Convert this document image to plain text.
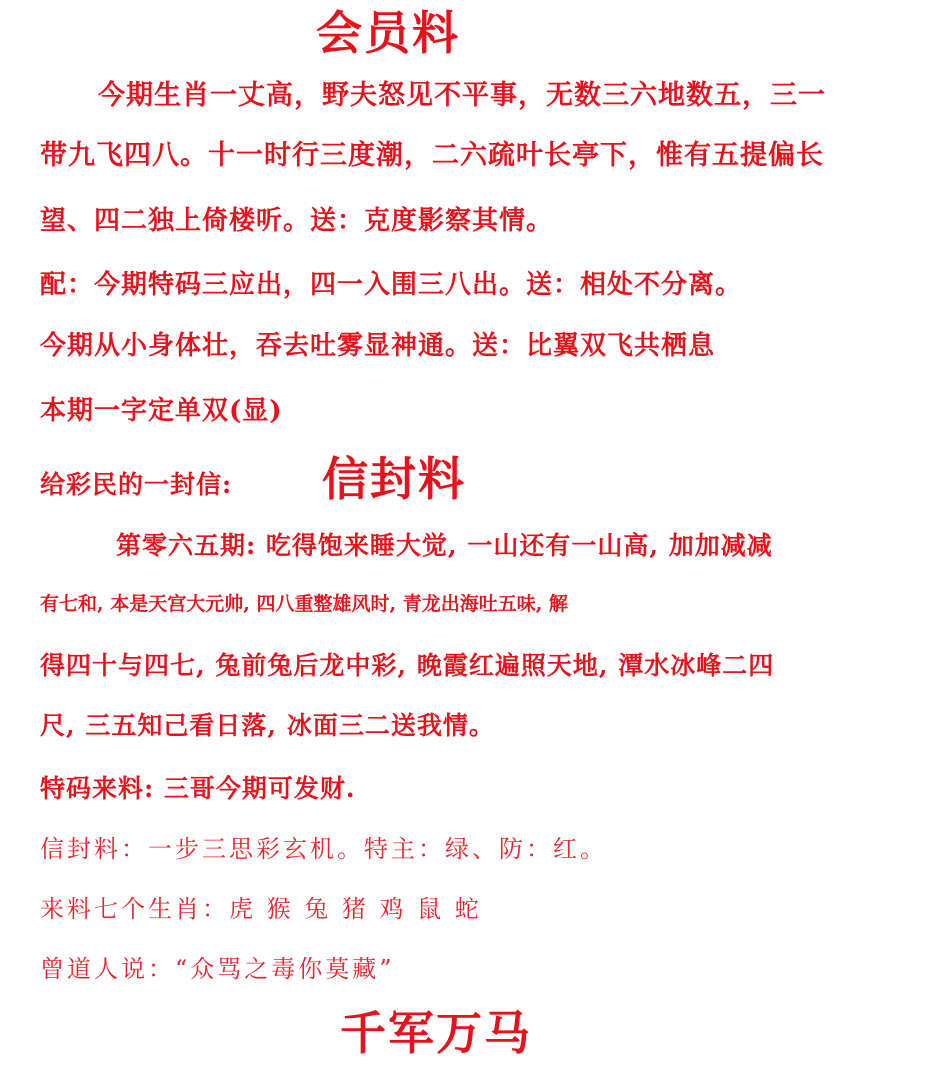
会员料
今期生肖一丈高，野夫怒见不平事，无数三六地数五，三一
带九飞四八。十一时行三度潮，二六疏叶长亭下，惟有五提偏长
望、四二独上倚楼听。送：克度影察其情。
配：今期特码三应出，四一入围三八出。送：相处不分离。
今期从小身体壮，吞去吐雾显神通。送：比翼双飞共栖息
本期一字定单双(显)
给彩民的一封信: 信封料
第零六五期: 吃得饱来睡大觉, 一山还有一山高, 加加减减
有七和, 本是天宫大元帅, 四八重整雄风时, 青龙出海吐五味, 解
得四十与四七, 兔前兔后龙中彩, 晚霞红遍照天地, 潭水冰峰二四
尺, 三五知己看日落, 冰面三二送我情。
特码来料: 三哥今期可发财.
信封料：一步三思彩玄机。特主：绿、防：红。
来料七个生肖：虎 猴 兔 猪 鸡 鼠 蛇
曾道人说：“众骂之毒你莫藏”
千军万马
